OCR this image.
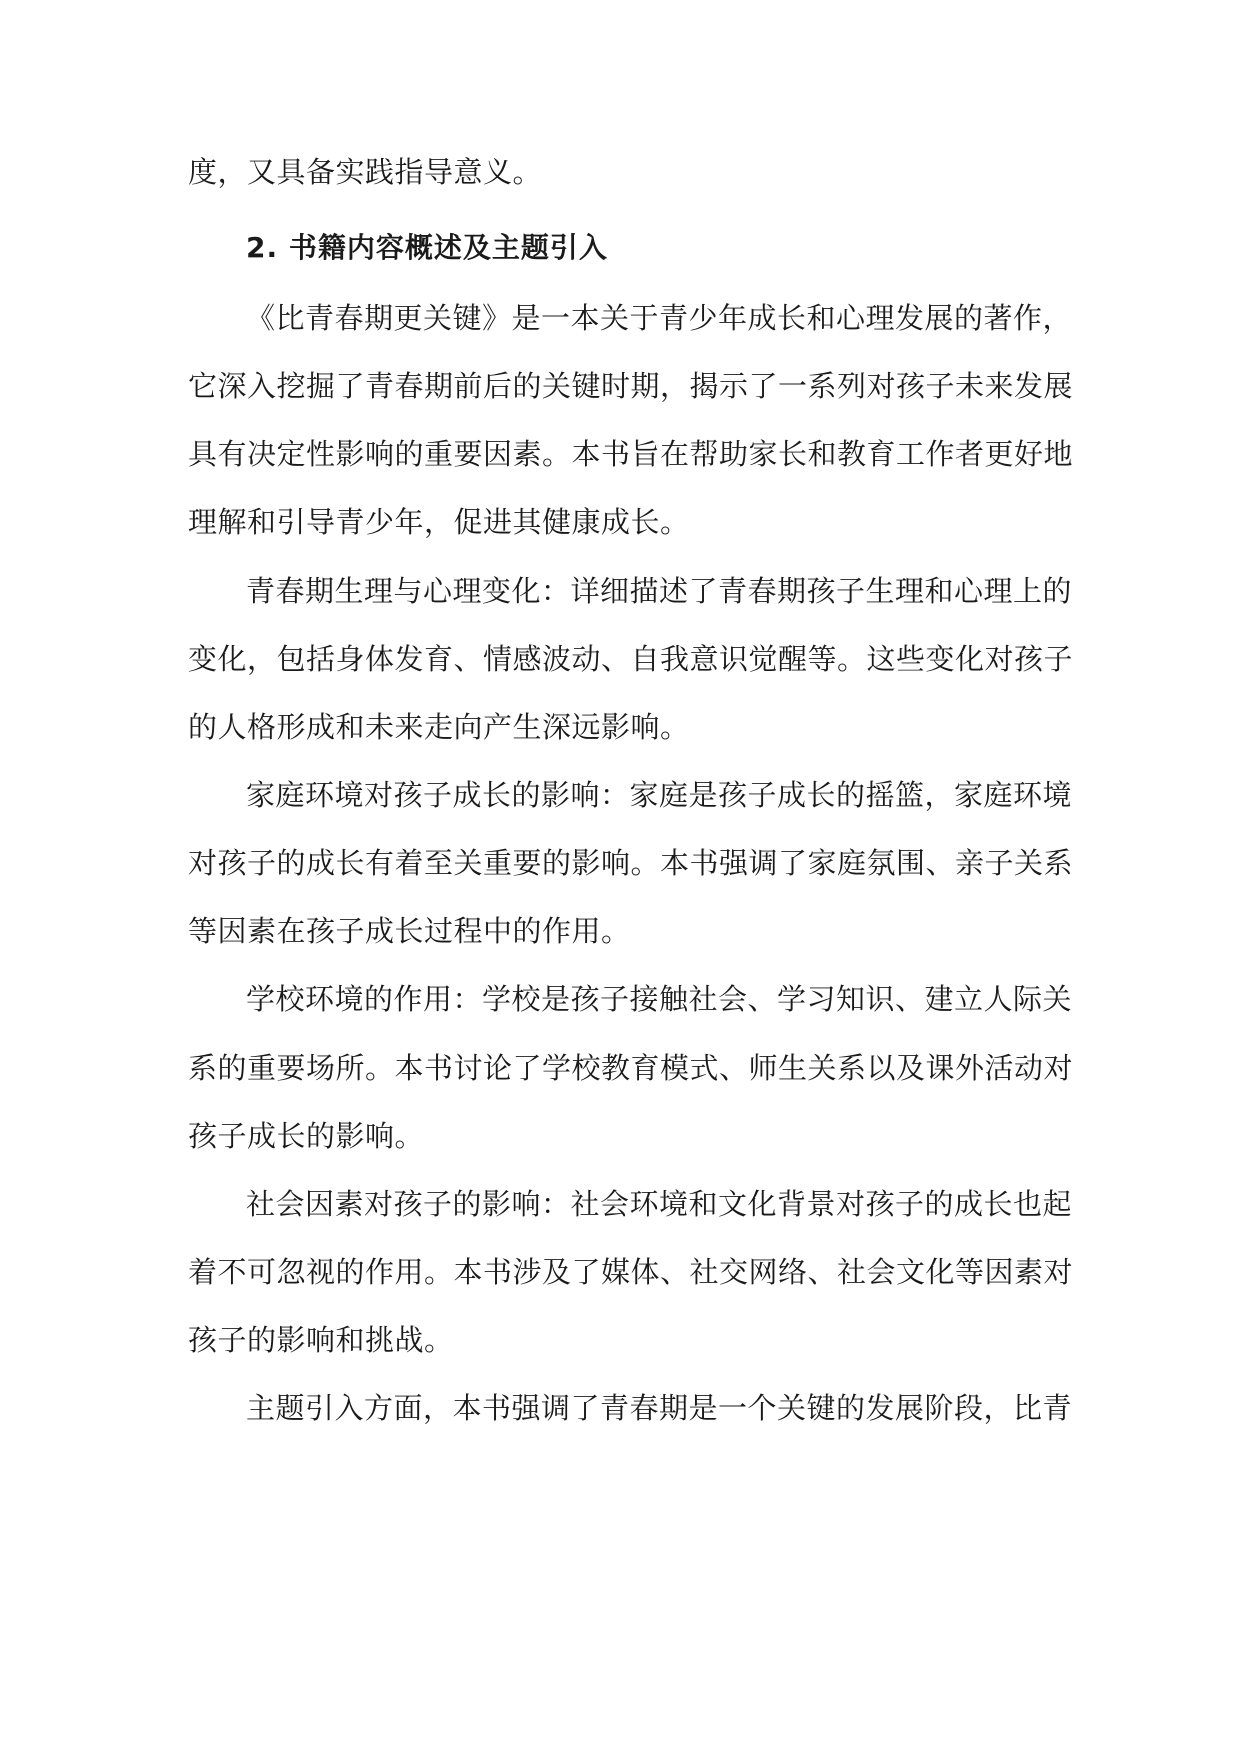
度，又具备实践指导意义。
2. 书籍内容概述及主题引入
《比青春期更关键》是一本关于青少年成长和心理发展的著作，
它深入挖掘了青春期前后的关键时期，揭示了一系列对孩子未来发展
具有决定性影响的重要因素。本书旨在帮助家长和教育工作者更好地
理解和引导青少年，促进其健康成长。
青春期生理与心理变化：详细描述了青春期孩子生理和心理上的
变化，包括身体发育、情感波动、自我意识觉醒等。这些变化对孩子
的人格形成和未来走向产生深远影响。
家庭环境对孩子成长的影响：家庭是孩子成长的摇篮，家庭环境
对孩子的成长有着至关重要的影响。本书强调了家庭氛围、亲子关系
等因素在孩子成长过程中的作用。
学校环境的作用：学校是孩子接触社会、学习知识、建立人际关
系的重要场所。本书讨论了学校教育模式、师生关系以及课外活动对
孩子成长的影响。
社会因素对孩子的影响：社会环境和文化背景对孩子的成长也起
着不可忽视的作用。本书涉及了媒体、社交网络、社会文化等因素对
孩子的影响和挑战。
主题引入方面，本书强调了青春期是一个关键的发展阶段，比青
